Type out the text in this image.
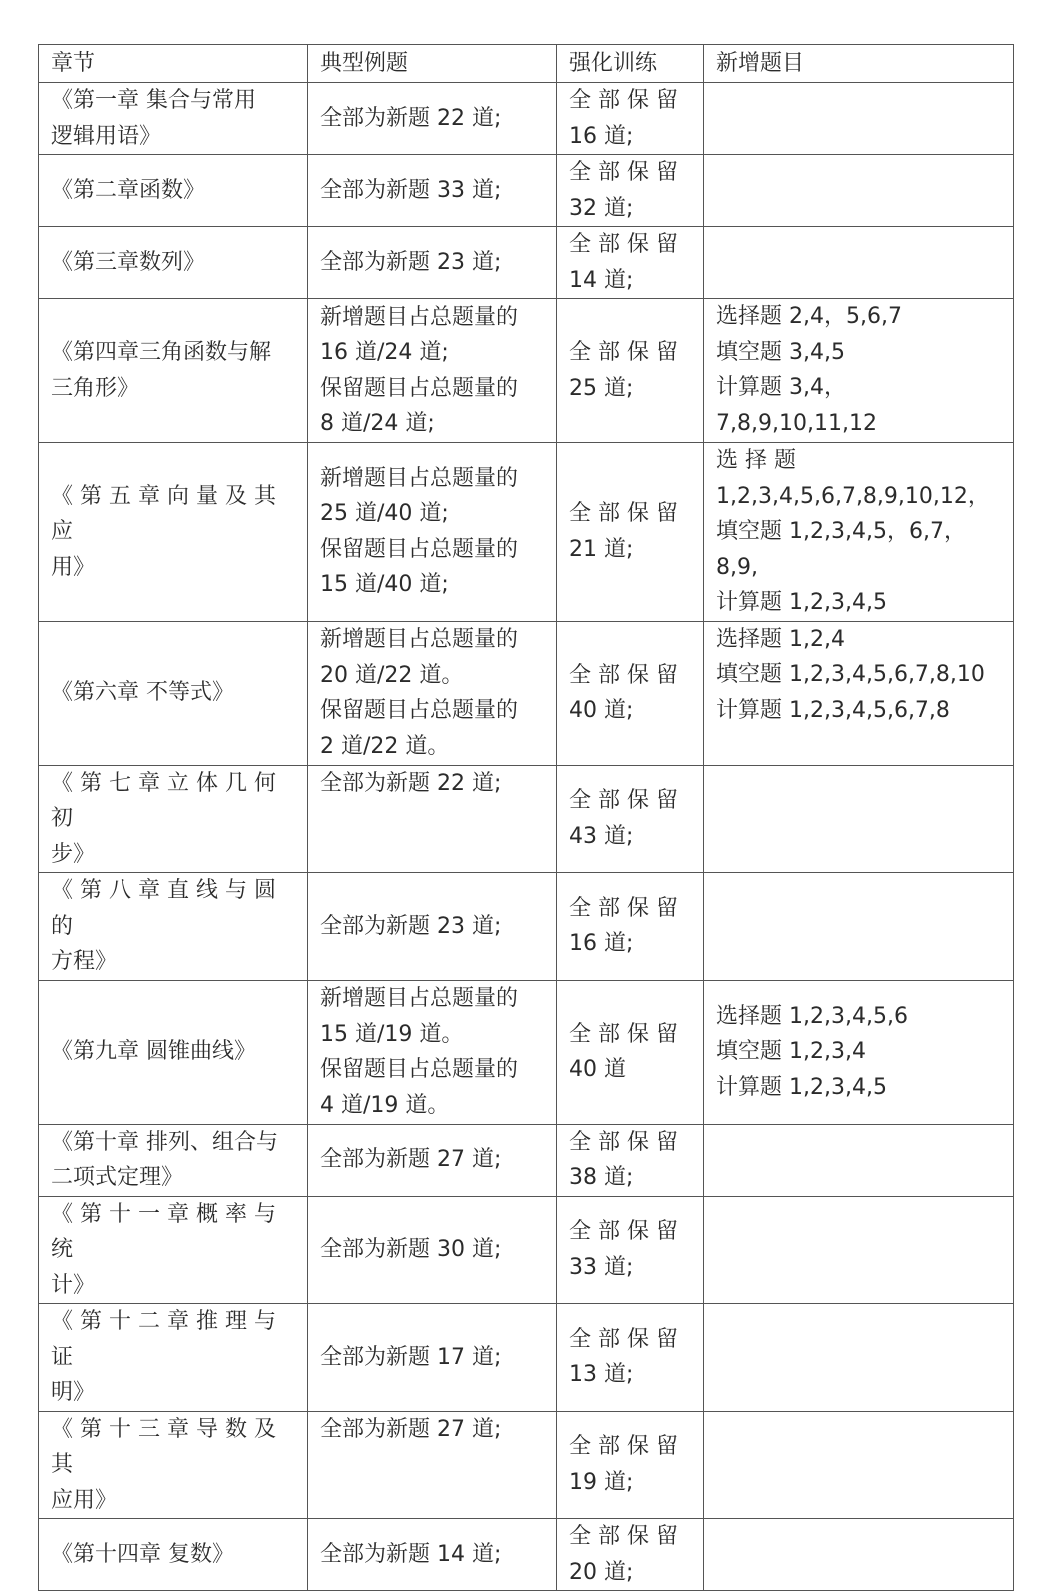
章节	典型例题	强化训练	新增题目
《第一章 集合与常用
逻辑用语》	全部为新题 22 道;	全 部 保 留
16 道;	
《第二章函数》	全部为新题 33 道;	全 部 保 留
32 道;	
《第三章数列》	全部为新题 23 道;	全 部 保 留
14 道;	
《第四章三角函数与解
三角形》	新增题目占总题量的
16 道/24 道;
保留题目占总题量的
8 道/24 道;	全 部 保 留
25 道;	选择题 2,4，5,6,7
填空题 3,4,5
计算题 3,4，7,8,9,10,11,12
《 第 五 章 向 量 及 其 应
用》	新增题目占总题量的
25 道/40 道;
保留题目占总题量的
15 道/40 道;	全 部 保 留
21 道;	选 择 题
1,2,3,4,5,6,7,8,9,10,12，
填空题 1,2,3,4,5，6,7，8,9,
计算题 1,2,3,4,5
《第六章 不等式》	新增题目占总题量的
20 道/22 道。
保留题目占总题量的
2 道/22 道。	全 部 保 留
40 道;	选择题 1,2,4
填空题 1,2,3,4,5,6,7,8,10
计算题 1,2,3,4,5,6,7,8
《 第 七 章 立 体 几 何 初
步》	全部为新题 22 道;	全 部 保 留
43 道;	
《 第 八 章 直 线 与 圆 的
方程》	全部为新题 23 道;	全 部 保 留
16 道;	
《第九章 圆锥曲线》	新增题目占总题量的
15 道/19 道。
保留题目占总题量的
4 道/19 道。	全 部 保 留
40 道	选择题 1,2,3,4,5,6
填空题 1,2,3,4
计算题 1,2,3,4,5
《第十章 排列、组合与
二项式定理》	全部为新题 27 道;	全 部 保 留
38 道;	
《 第 十 一 章 概 率 与 统
计》	全部为新题 30 道;	全 部 保 留
33 道;	
《 第 十 二 章 推 理 与 证
明》	全部为新题 17 道;	全 部 保 留
13 道;	
《 第 十 三 章 导 数 及 其
应用》	全部为新题 27 道;	全 部 保 留
19 道;	
《第十四章 复数》	全部为新题 14 道;	全 部 保 留
20 道;	
